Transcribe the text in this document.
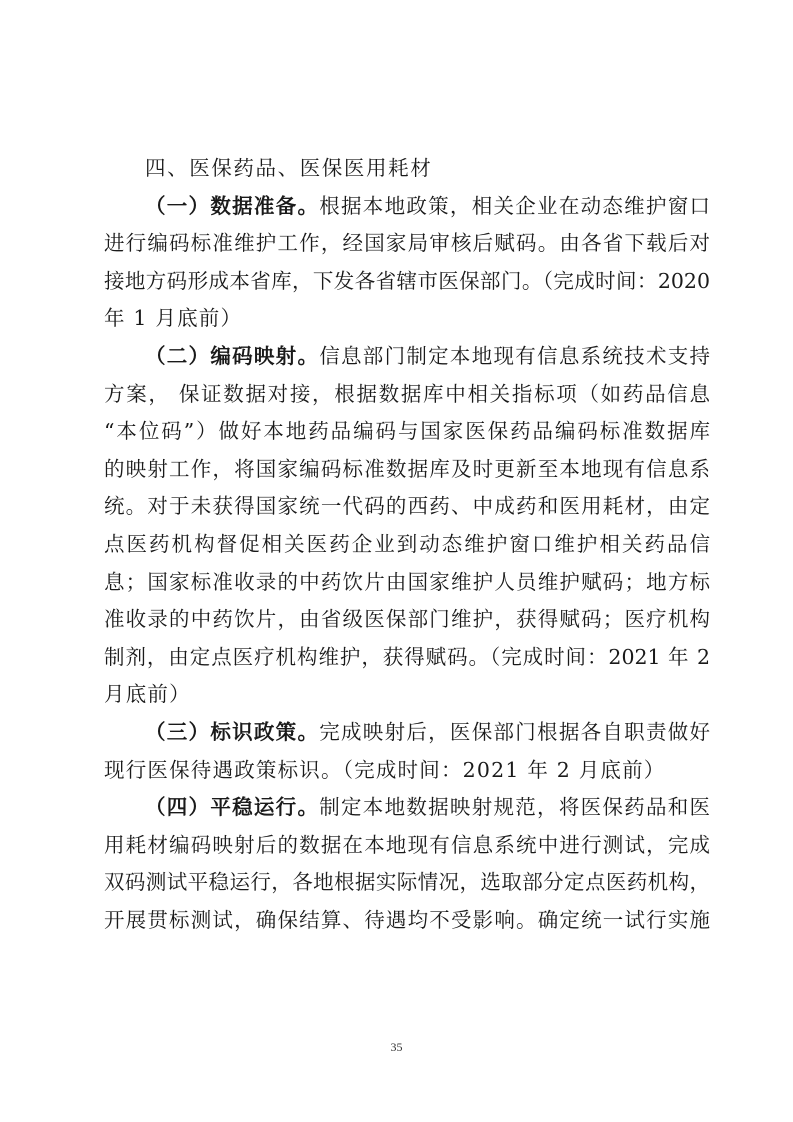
四、医保药品、医保医用耗材
（一）数据准备。根据本地政策，相关企业在动态维护窗口
进行编码标准维护工作，经国家局审核后赋码。由各省下载后对
接地方码形成本省库，下发各省辖市医保部门。（完成时间：2020
年 1 月底前）
（二）编码映射。信息部门制定本地现有信息系统技术支持
方案， 保证数据对接，根据数据库中相关指标项（如药品信息
“本位码”）做好本地药品编码与国家医保药品编码标准数据库
的映射工作，将国家编码标准数据库及时更新至本地现有信息系
统。对于未获得国家统一代码的西药、中成药和医用耗材，由定
点医药机构督促相关医药企业到动态维护窗口维护相关药品信
息；国家标准收录的中药饮片由国家维护人员维护赋码；地方标
准收录的中药饮片，由省级医保部门维护，获得赋码；医疗机构
制剂，由定点医疗机构维护，获得赋码。（完成时间：2021 年 2
月底前）
（三）标识政策。完成映射后，医保部门根据各自职责做好
现行医保待遇政策标识。（完成时间：2021 年 2 月底前）
（四）平稳运行。制定本地数据映射规范，将医保药品和医
用耗材编码映射后的数据在本地现有信息系统中进行测试，完成
双码测试平稳运行，各地根据实际情况，选取部分定点医药机构，
开展贯标测试，确保结算、待遇均不受影响。确定统一试行实施
35
